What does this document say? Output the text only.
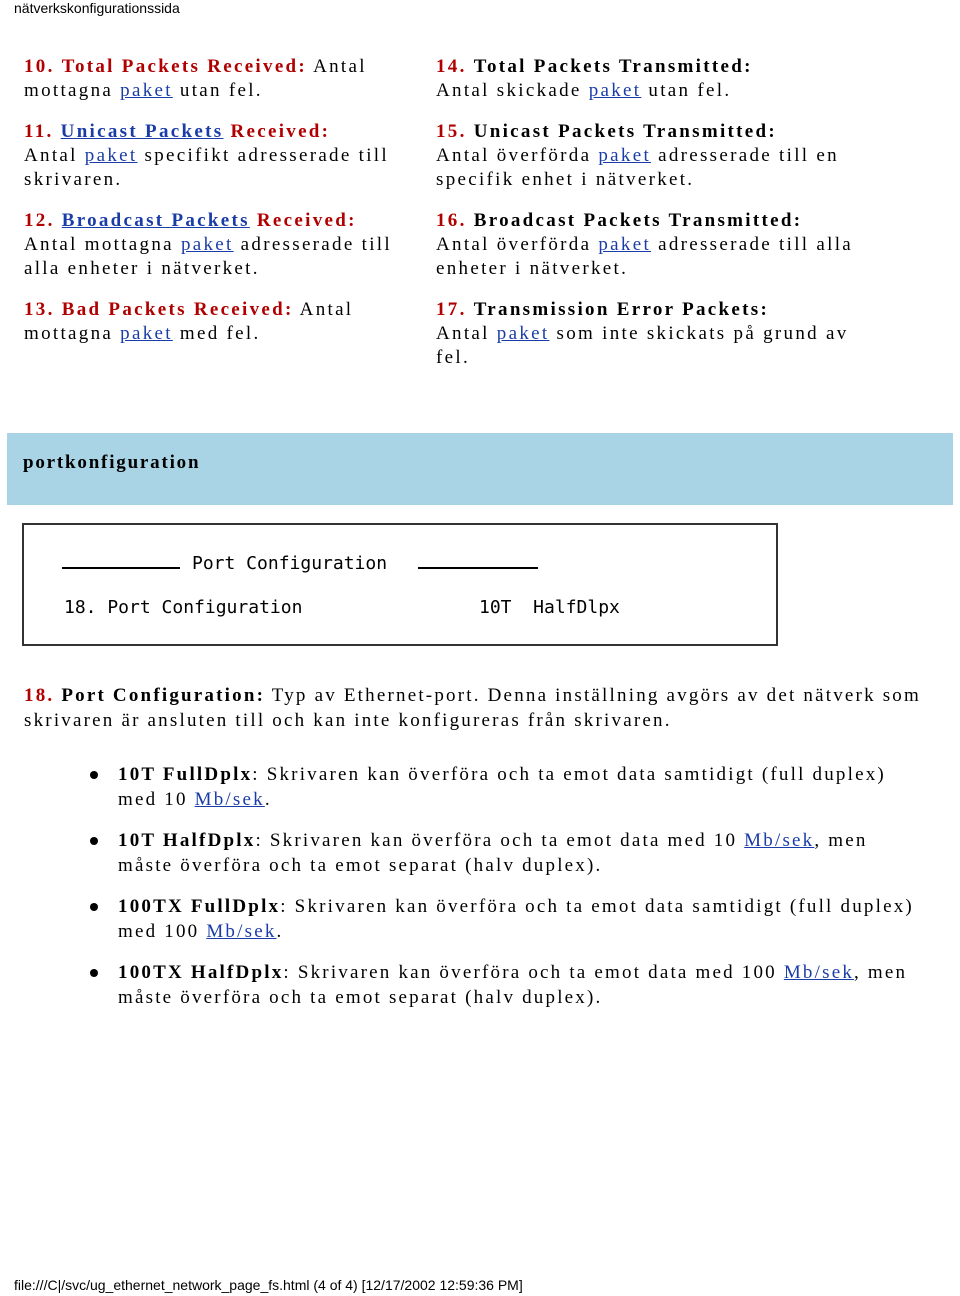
nätverkskonfigurationssida
10. Total Packets Received: Antal mottagna paket utan fel.
11. Unicast Packets Received:
Antal paket specifikt adresserade till skrivaren.
12. Broadcast Packets Received:
Antal mottagna paket adresserade till alla enheter i nätverket.
13. Bad Packets Received: Antal mottagna paket med fel.
14. Total Packets Transmitted:
Antal skickade paket utan fel.
15. Unicast Packets Transmitted:
Antal överförda paket adresserade till en specifik enhet i nätverket.
16. Broadcast Packets Transmitted: Antal överförda paket adresserade till alla enheter i nätverket.
17. Transmission Error Packets:
Antal paket som inte skickats på grund av fel.
portkonfiguration
Port Configuration
18. Port Configuration	10T  HalfDlpx
18. Port Configuration: Typ av Ethernet-port. Denna inställning avgörs av det nätverk som skrivaren är ansluten till och kan inte konfigureras från skrivaren.
10T FullDplx: Skrivaren kan överföra och ta emot data samtidigt (full duplex) med 10 Mb/sek.
10T HalfDplx: Skrivaren kan överföra och ta emot data med 10 Mb/sek, men måste överföra och ta emot separat (halv duplex).
100TX FullDplx: Skrivaren kan överföra och ta emot data samtidigt (full duplex) med 100 Mb/sek.
100TX HalfDplx: Skrivaren kan överföra och ta emot data med 100 Mb/sek, men måste överföra och ta emot separat (halv duplex).
file:///C|/svc/ug_ethernet_network_page_fs.html (4 of 4) [12/17/2002 12:59:36 PM]
